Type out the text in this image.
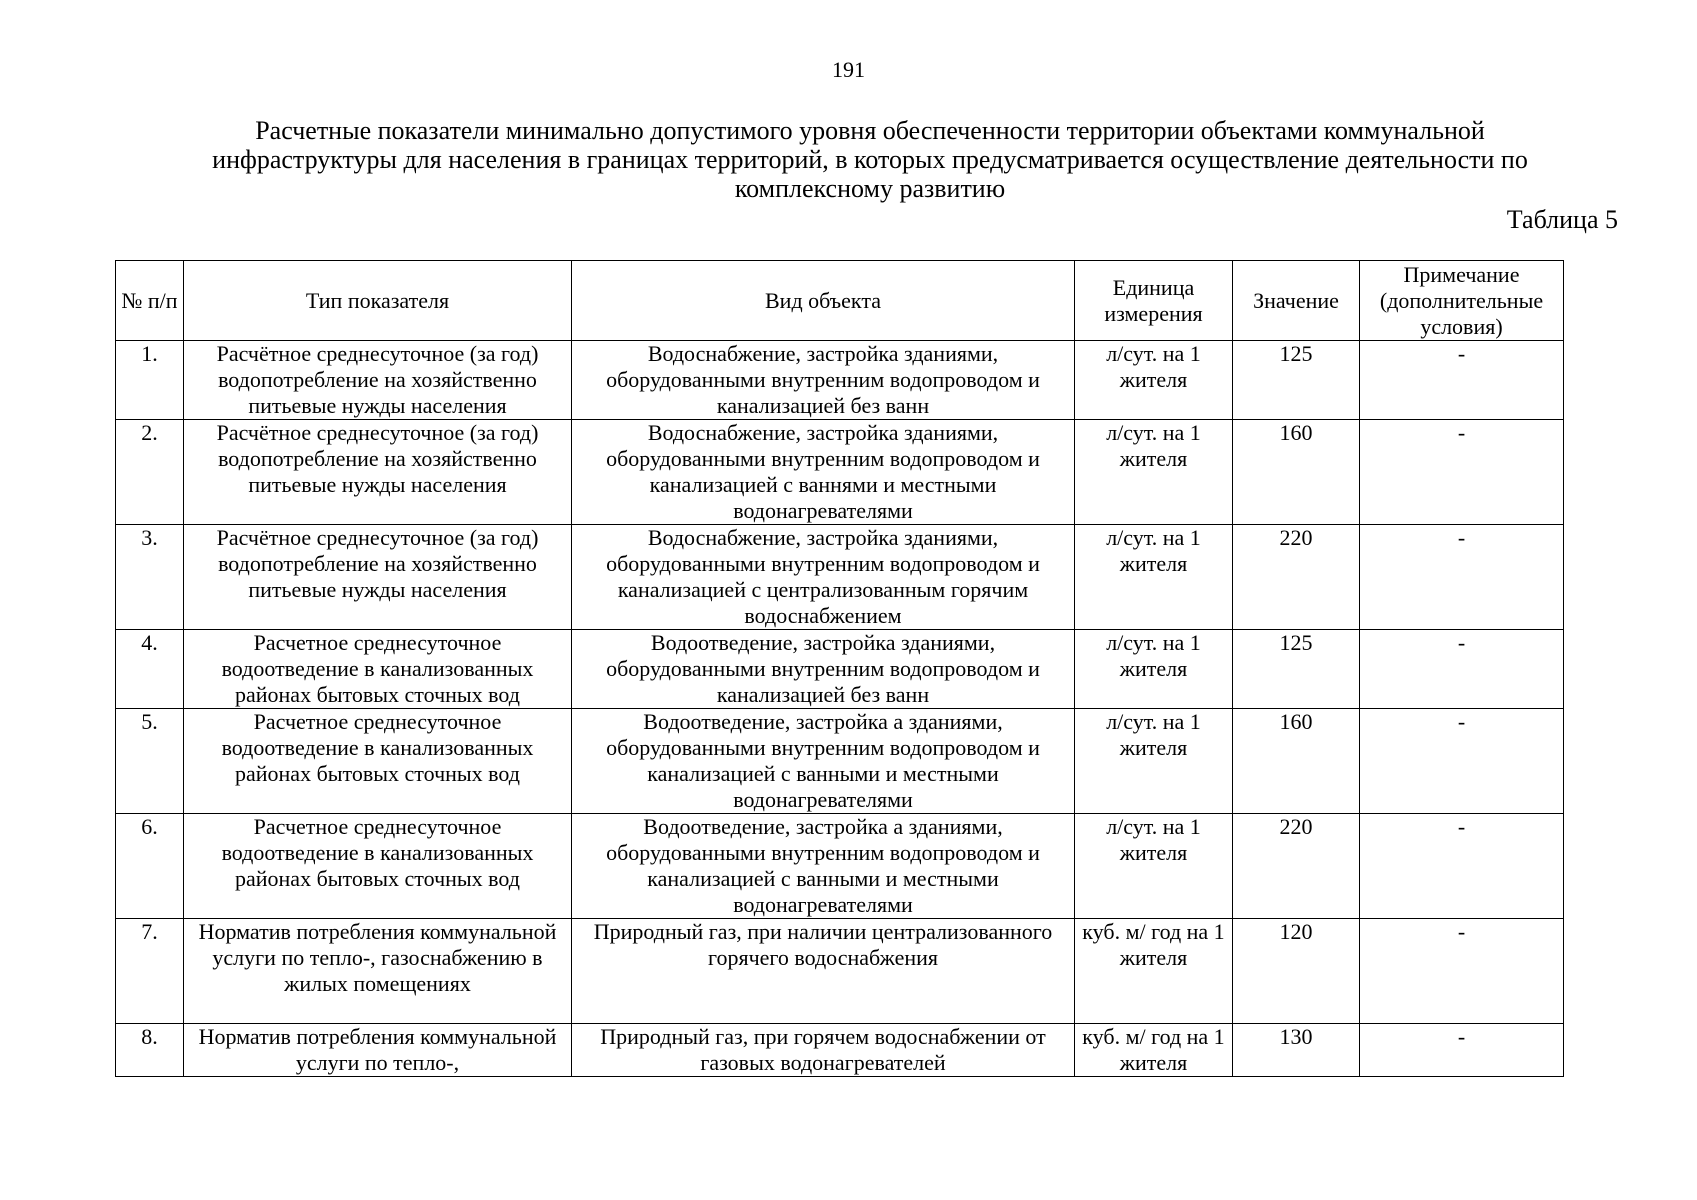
191
Расчетные показатели минимально допустимого уровня обеспеченности территории объектами коммунальной
инфраструктуры для населения в границах территорий, в которых предусматривается осуществление деятельности по
комплексному развитию
Таблица 5
№ п/п	Тип показателя	Вид объекта	Единица измерения	Значение	Примечание (дополнительные условия)
1.	Расчётное среднесуточное (за год) водопотребление на хозяйственно питьевые нужды населения	Водоснабжение, застройка зданиями, оборудованными внутренним водопроводом и канализацией без ванн	л/сут. на 1 жителя	125	-
2.	Расчётное среднесуточное (за год) водопотребление на хозяйственно питьевые нужды населения	Водоснабжение, застройка зданиями, оборудованными внутренним водопроводом и канализацией с ваннями и местными водонагревателями	л/сут. на 1 жителя	160	-
3.	Расчётное среднесуточное (за год) водопотребление на хозяйственно питьевые нужды населения	Водоснабжение, застройка зданиями, оборудованными внутренним водопроводом и канализацией с централизованным горячим водоснабжением	л/сут. на 1 жителя	220	-
4.	Расчетное среднесуточное водоотведение в канализованных районах бытовых сточных вод	Водоотведение, застройка зданиями, оборудованными внутренним водопроводом и канализацией без ванн	л/сут. на 1 жителя	125	-
5.	Расчетное среднесуточное водоотведение в канализованных районах бытовых сточных вод	Водоотведение, застройка а зданиями, оборудованными внутренним водопроводом и канализацией с ванными и местными водонагревателями	л/сут. на 1 жителя	160	-
6.	Расчетное среднесуточное водоотведение в канализованных районах бытовых сточных вод	Водоотведение, застройка а зданиями, оборудованными внутренним водопроводом и канализацией с ванными и местными водонагревателями	л/сут. на 1 жителя	220	-
7.	Норматив потребления коммунальной услуги по тепло-, газоснабжению в жилых помещениях	Природный газ, при наличии централизованного горячего водоснабжения	куб. м/ год на 1 жителя	120	-
8.	Норматив потребления коммунальной услуги по тепло-,	Природный газ, при горячем водоснабжении от газовых водонагревателей	куб. м/ год на 1 жителя	130	-
